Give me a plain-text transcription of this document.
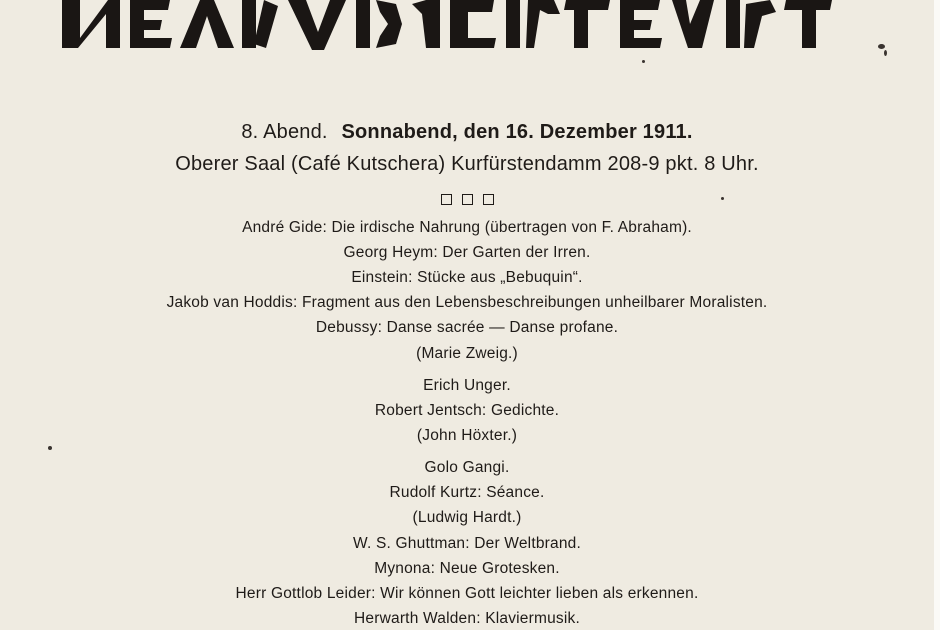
8. Abend. Sonnabend, den 16. Dezember 1911.
Oberer Saal (Café Kutschera) Kurfürstendamm 208-9 pkt. 8 Uhr.
André Gide: Die irdische Nahrung (übertragen von F. Abraham).
Georg Heym: Der Garten der Irren.
Einstein: Stücke aus „Bebuquin“.
Jakob van Hoddis: Fragment aus den Lebensbeschreibungen unheilbarer Moralisten.
Debussy: Danse sacrée — Danse profane.
(Marie Zweig.)
Erich Unger.
Robert Jentsch: Gedichte.
(John Höxter.)
Golo Gangi.
Rudolf Kurtz: Séance.
(Ludwig Hardt.)
W. S. Ghuttman: Der Weltbrand.
Mynona: Neue Grotesken.
Herr Gottlob Leider: Wir können Gott leichter lieben als erkennen.
Herwarth Walden: Klaviermusik.
